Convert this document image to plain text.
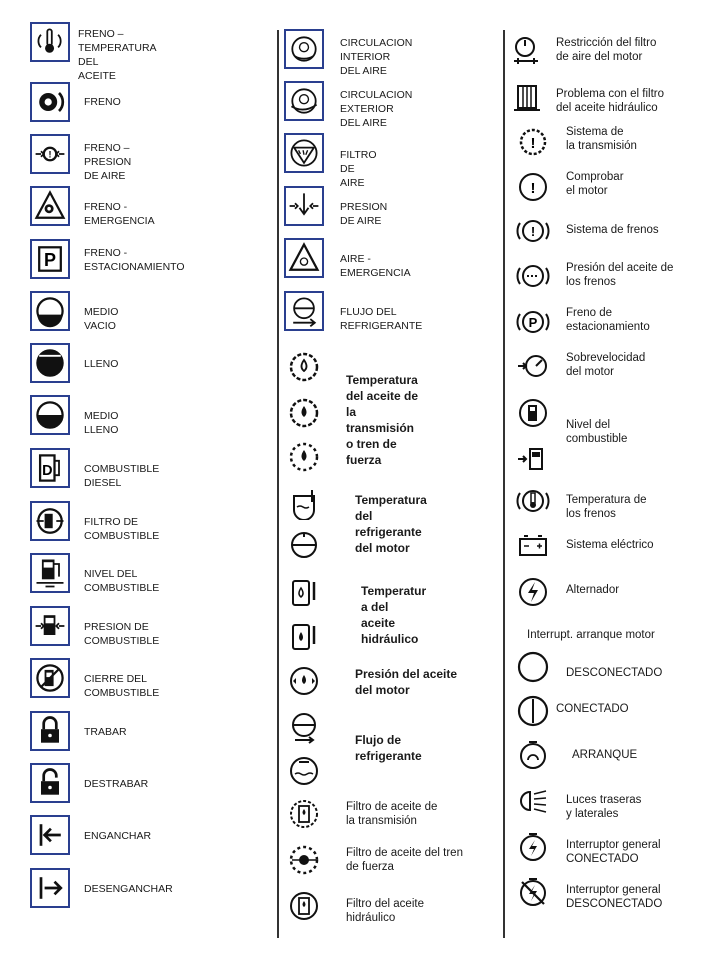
FRENO – TEMPERATURA DEL
ACEITE
FRENO
!
FRENO –
PRESION DE AIRE
FRENO - EMERGENCIA
P	FRENO -
ESTACIONAMIENTO
MEDIO VACIO
LLENO
MEDIO LLENO
D	COMBUSTIBLE DIESEL
FILTRO DE COMBUSTIBLE
NIVEL DEL COMBUSTIBLE
PRESION DE COMBUSTIBLE
CIERRE DEL COMBUSTIBLE
TRABAR
DESTRABAR
ENGANCHAR
DESENGANCHAR
CIRCULACION INTERIOR
DEL AIRE
CIRCULACION
EXTERIOR DEL AIRE
FILTRO DE AIRE
PRESION DE AIRE
AIRE - EMERGENCIA
FLUJO DEL REFRIGERANTE
Temperatura
del aceite de
la
transmisión
o tren de
fuerza
Temperatura
del
refrigerante
del motor
Temperatur
a del
aceite
hidráulico
Presión del aceite
del motor
Flujo de
refrigerante
Filtro de aceite de
la transmisión
Filtro de aceite del tren
de fuerza
Filtro del aceite
hidráulico
Restricción del filtro
de aire del motor
Problema con el filtro
del aceite hidráulico
!
Sistema de
la transmisión
!
Comprobar
el motor
!	Sistema de frenos
Presión del aceite de
los frenos
P
Freno de
estacionamiento
Sobrevelocidad
del motor
Nivel del
combustible
Temperatura de
los frenos
Sistema eléctrico
Alternador
Interrupt. arranque motor
DESCONECTADO
CONECTADO
ARRANQUE
Luces traseras
y laterales
Interruptor general
CONECTADO
Interruptor general
DESCONECTADO
